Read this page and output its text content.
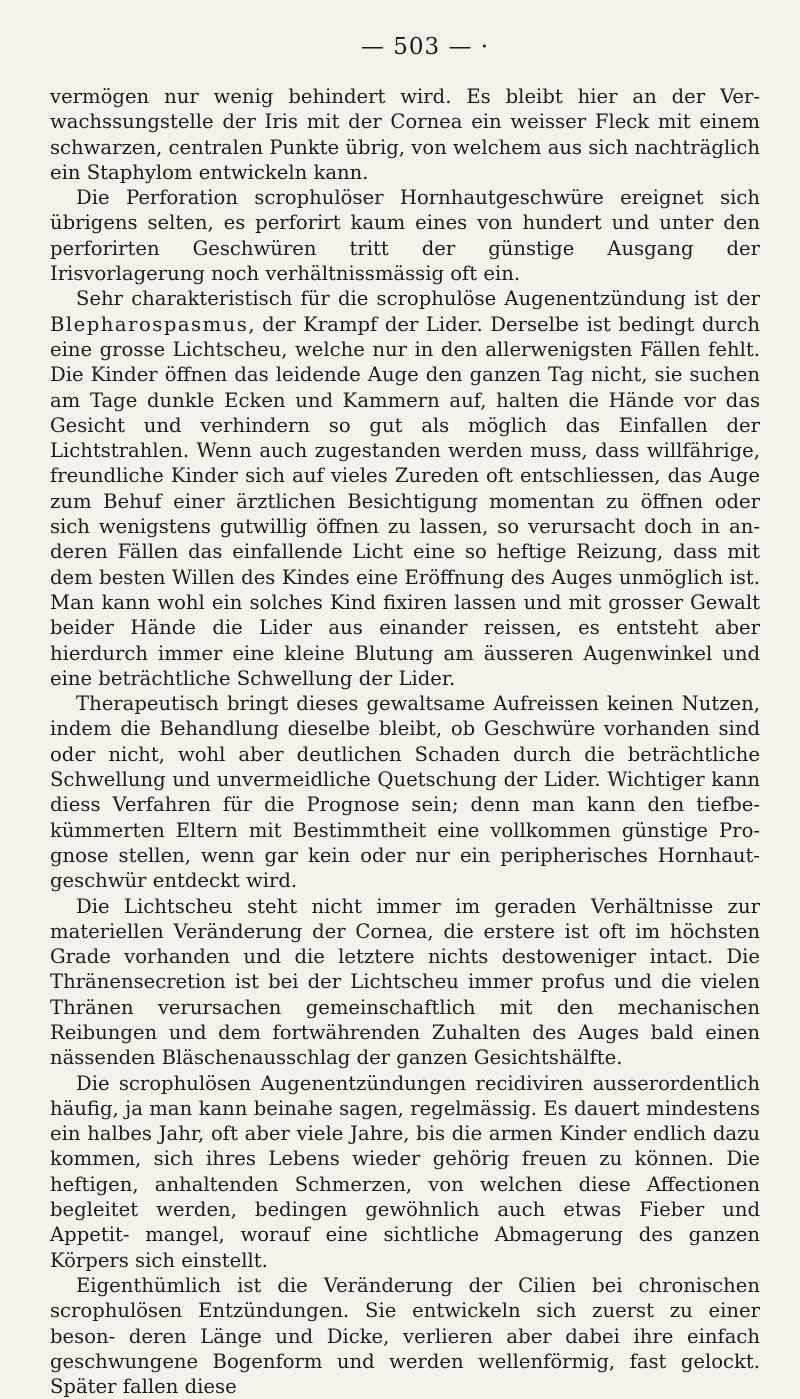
— 503 — ·

vermögen nur wenig behindert wird. Es bleibt hier an der Ver- wachssungstelle der Iris mit der Cornea ein weisser Fleck mit einem schwarzen, centralen Punkte übrig, von welchem aus sich nachträglich ein Staphylom entwickeln kann.

Die Perforation scrophulöser Hornhautgeschwüre ereignet sich übrigens selten, es perforirt kaum eines von hundert und unter den perforirten Geschwüren tritt der günstige Ausgang der Irisvorlagerung noch verhältnissmässig oft ein.

Sehr charakteristisch für die scrophulöse Augenentzündung ist der Blepharospasmus, der Krampf der Lider. Derselbe ist bedingt durch eine grosse Lichtscheu, welche nur in den allerwenigsten Fällen fehlt. Die Kinder öffnen das leidende Auge den ganzen Tag nicht, sie suchen am Tage dunkle Ecken und Kammern auf, halten die Hände vor das Gesicht und verhindern so gut als möglich das Einfallen der Lichtstrahlen. Wenn auch zugestanden werden muss, dass willfährige, freundliche Kinder sich auf vieles Zureden oft entschliessen, das Auge zum Behuf einer ärztlichen Besichtigung momentan zu öffnen oder sich wenigstens gutwillig öffnen zu lassen, so verursacht doch in an- deren Fällen das einfallende Licht eine so heftige Reizung, dass mit dem besten Willen des Kindes eine Eröffnung des Auges unmöglich ist. Man kann wohl ein solches Kind fixiren lassen und mit grosser Gewalt beider Hände die Lider aus einander reissen, es entsteht aber hierdurch immer eine kleine Blutung am äusseren Augenwinkel und eine beträchtliche Schwellung der Lider.

Therapeutisch bringt dieses gewaltsame Aufreissen keinen Nutzen, indem die Behandlung dieselbe bleibt, ob Geschwüre vorhanden sind oder nicht, wohl aber deutlichen Schaden durch die beträchtliche Schwellung und unvermeidliche Quetschung der Lider. Wichtiger kann diess Verfahren für die Prognose sein; denn man kann den tiefbe- kümmerten Eltern mit Bestimmtheit eine vollkommen günstige Pro- gnose stellen, wenn gar kein oder nur ein peripherisches Hornhaut- geschwür entdeckt wird.

Die Lichtscheu steht nicht immer im geraden Verhältnisse zur materiellen Veränderung der Cornea, die erstere ist oft im höchsten Grade vorhanden und die letztere nichts destoweniger intact. Die Thränensecretion ist bei der Lichtscheu immer profus und die vielen Thränen verursachen gemeinschaftlich mit den mechanischen Reibungen und dem fortwährenden Zuhalten des Auges bald einen nässenden Bläschenausschlag der ganzen Gesichtshälfte.

Die scrophulösen Augenentzündungen recidiviren ausserordentlich häufig, ja man kann beinahe sagen, regelmässig. Es dauert mindestens ein halbes Jahr, oft aber viele Jahre, bis die armen Kinder endlich dazu kommen, sich ihres Lebens wieder gehörig freuen zu können. Die heftigen, anhaltenden Schmerzen, von welchen diese Affectionen begleitet werden, bedingen gewöhnlich auch etwas Fieber und Appetit- mangel, worauf eine sichtliche Abmagerung des ganzen Körpers sich einstellt.

Eigenthümlich ist die Veränderung der Cilien bei chronischen scrophulösen Entzündungen. Sie entwickeln sich zuerst zu einer beson- deren Länge und Dicke, verlieren aber dabei ihre einfach geschwungene Bogenform und werden wellenförmig, fast gelockt. Später fallen diese
